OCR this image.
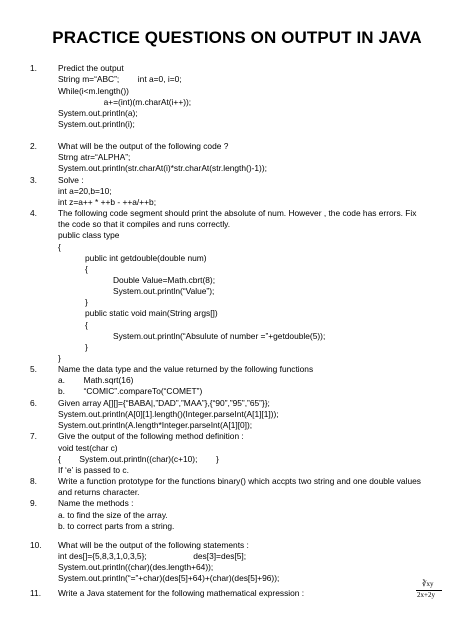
PRACTICE QUESTIONS ON OUTPUT IN JAVA
1.	Predict the output
String m=“ABC”;        int a=0, i=0;
While(i<m.length())
a+=(int)(m.charAt(i++));
System.out.println(a);
System.out.println(i);
2.	What will be the output of the following code ?
Strng atr=“ALPHA”;
System.out.println(str.charAt(i)*str.charAt(str.length()-1));
3.	Solve :
int a=20,b=10;
int z=a++ * ++b - ++a/++b;
4.	The following code segment should print the absolute of num. However , the code has errors. Fix
the code so that it compiles and runs correctly.
public class type
{
public int getdouble(double num)
{
Double Value=Math.cbrt(8);
System.out.println(“Value”);
}
public static void main(String args[])
{
System.out.println(“Absulute of number =”+getdouble(5));
}
}
5.	Name the data type and the value returned by the following functions
a.        Math.sqrt(16)
b.        “COMIC”.compareTo(“COMET”)
6.	Given array A[][]={“BABA|,”DAD”,”MAA”},{“90”,”95”,”65”}};
System.out.println(A[0][1].length()(Integer.parseInt(A[1][1]));
System.out.println(A.length*Integer.parseInt(A[1][0]);
7.	Give the output of the following method definition :
void test(char c)
{        System.out.println((char)(c+10);        }
If ‘e’ is passed to c.
8.	Write a function prototype for the functions binary() which accpts two string and one double values
and returns character.
9.	Name the methods :
a. to find the size of the array.
b. to correct parts from a string.
10. What will be the output of the following statements :
int des[]={5,8,3,1,0,3,5};                    des[3]=des[5];
System.out.println((char)(des.length+64));
System.out.println(“=”+char)(des[5]+64)+(char)(des[5]+96));
11. Write a Java statement for the following mathematical expression :
∛xy
2x+2y
